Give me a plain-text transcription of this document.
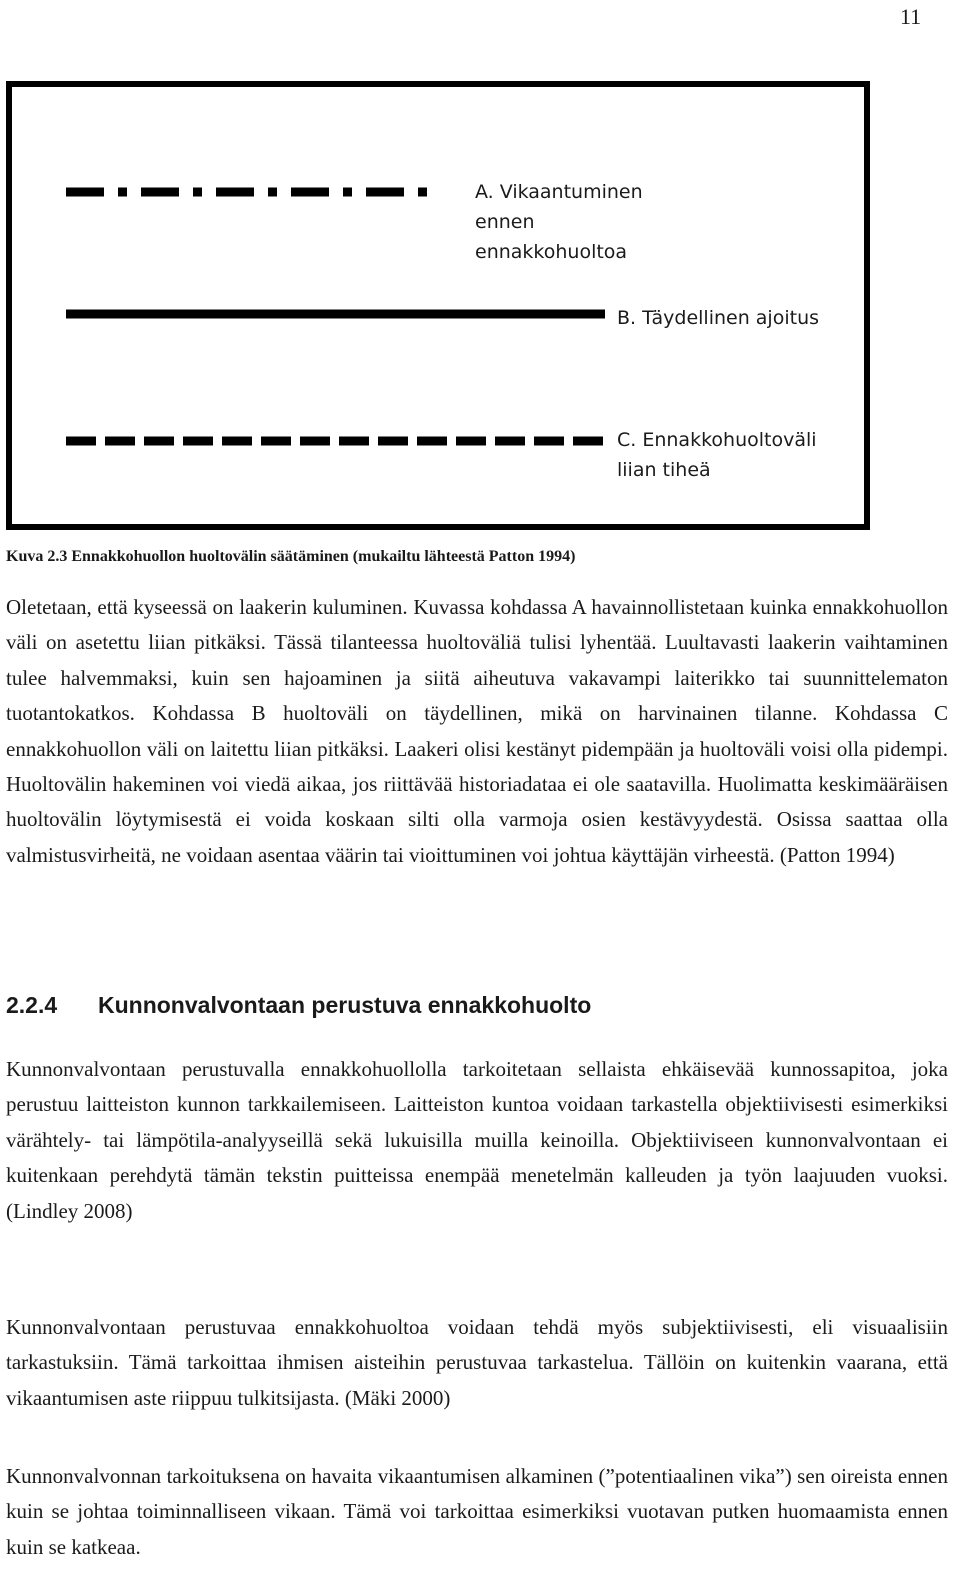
11
A. Vikaantuminen
ennen
ennakkohuoltoa
B. Täydellinen ajoitus
C. Ennakkohuoltoväli
liian tiheä
Kuva 2.3 Ennakkohuollon huoltovälin säätäminen (mukailtu lähteestä Patton 1994)

Oletetaan, että kyseessä on laakerin kuluminen. Kuvassa kohdassa A havainnollistetaan kuinka ennakkohuollon väli on asetettu liian pitkäksi. Tässä tilanteessa huoltoväliä tulisi lyhentää. Luultavasti laakerin vaihtaminen tulee halvemmaksi, kuin sen hajoaminen ja siitä aiheutuva vakavampi laiterikko tai suunnittelematon tuotantokatkos. Kohdassa B huoltoväli on täydellinen, mikä on harvinainen tilanne. Kohdassa C ennakkohuollon väli on laitettu liian pitkäksi. Laakeri olisi kestänyt pidempään ja huoltoväli voisi olla pidempi. Huoltovälin hakeminen voi viedä aikaa, jos riittävää historiadataa ei ole saatavilla. Huolimatta keskimääräisen huoltovälin löytymisestä ei voida koskaan silti olla varmoja osien kestävyydestä. Osissa saattaa olla valmistusvirheitä, ne voidaan asentaa väärin tai vioittuminen voi johtua käyttäjän virheestä. (Patton 1994)

2.2.4 Kunnonvalvontaan perustuva ennakkohuolto

Kunnonvalvontaan perustuvalla ennakkohuollolla tarkoitetaan sellaista ehkäisevää kunnossapitoa, joka perustuu laitteiston kunnon tarkkailemiseen. Laitteiston kuntoa voidaan tarkastella objektiivisesti esimerkiksi värähtely- tai lämpötila-analyyseillä sekä lukuisilla muilla keinoilla. Objektiiviseen kunnonvalvontaan ei kuitenkaan perehdytä tämän tekstin puitteissa enempää menetelmän kalleuden ja työn laajuuden vuoksi. (Lindley 2008)

Kunnonvalvontaan perustuvaa ennakkohuoltoa voidaan tehdä myös subjektiivisesti, eli visuaalisiin tarkastuksiin. Tämä tarkoittaa ihmisen aisteihin perustuvaa tarkastelua. Tällöin on kuitenkin vaarana, että vikaantumisen aste riippuu tulkitsijasta. (Mäki 2000)

Kunnonvalvonnan tarkoituksena on havaita vikaantumisen alkaminen (”potentiaalinen vika”) sen oireista ennen kuin se johtaa toiminnalliseen vikaan. Tämä voi tarkoittaa esimerkiksi vuotavan putken huomaamista ennen kuin se katkeaa.
